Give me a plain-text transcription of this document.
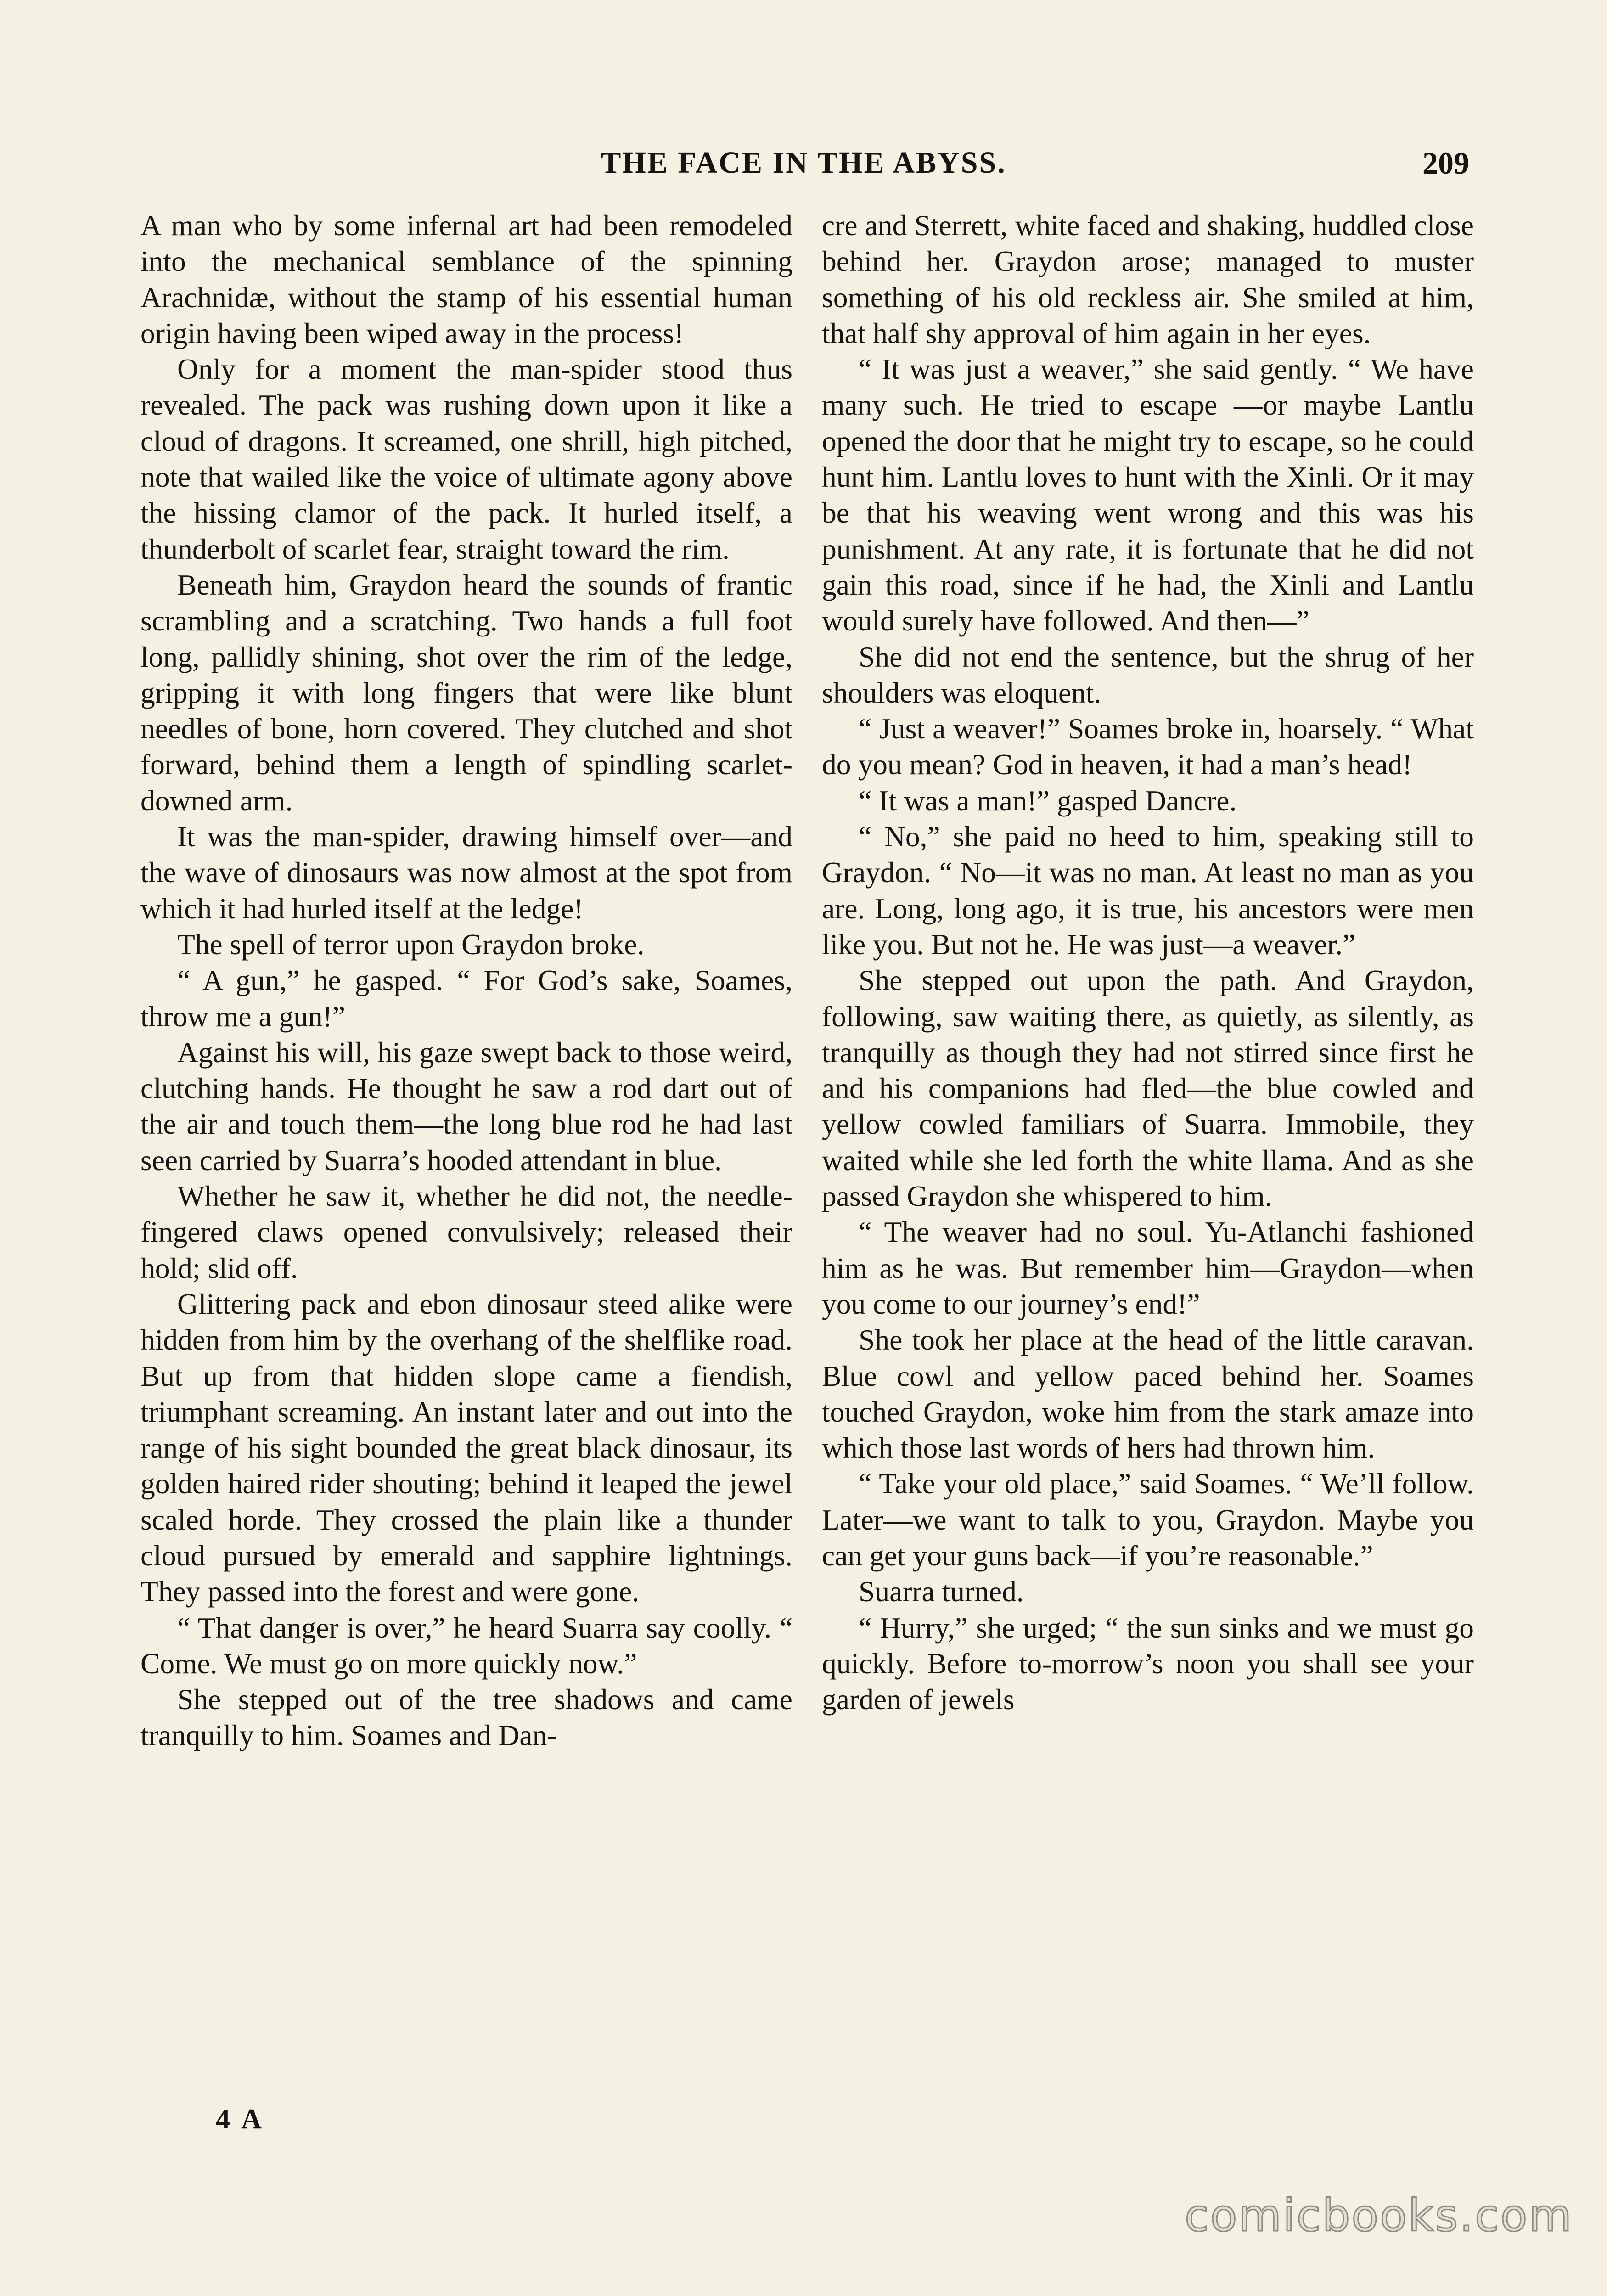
THE FACE IN THE ABYSS.	209

A man who by some infernal art had been remodeled into the mechanical semblance of the spinning Arachnidæ, without the stamp of his essential human origin having been wiped away in the process!

Only for a moment the man-spider stood thus revealed. The pack was rushing down upon it like a cloud of dragons. It screamed, one shrill, high pitched, note that wailed like the voice of ultimate agony above the hissing clamor of the pack. It hurled itself, a thunderbolt of scarlet fear, straight toward the rim.

Beneath him, Graydon heard the sounds of frantic scrambling and a scratching. Two hands a full foot long, pallidly shining, shot over the rim of the ledge, gripping it with long fingers that were like blunt needles of bone, horn covered. They clutched and shot forward, behind them a length of spindling scarlet-downed arm.

It was the man-spider, drawing himself over—and the wave of dinosaurs was now almost at the spot from which it had hurled itself at the ledge!

The spell of terror upon Graydon broke.

“ A gun,” he gasped. “ For God’s sake, Soames, throw me a gun!”

Against his will, his gaze swept back to those weird, clutching hands. He thought he saw a rod dart out of the air and touch them—the long blue rod he had last seen carried by Suarra’s hooded attendant in blue.

Whether he saw it, whether he did not, the needle-fingered claws opened convulsively; released their hold; slid off.

Glittering pack and ebon dinosaur steed alike were hidden from him by the overhang of the shelflike road. But up from that hidden slope came a fiendish, triumphant screaming. An instant later and out into the range of his sight bounded the great black dinosaur, its golden haired rider shouting; behind it leaped the jewel scaled horde. They crossed the plain like a thunder cloud pursued by emerald and sapphire lightnings. They passed into the forest and were gone.

“ That danger is over,” he heard Suarra say coolly. “ Come. We must go on more quickly now.”

She stepped out of the tree shadows and came tranquilly to him. Soames and Dan-

cre and Sterrett, white faced and shaking, huddled close behind her. Graydon arose; managed to muster something of his old reckless air. She smiled at him, that half shy approval of him again in her eyes.

“ It was just a weaver,” she said gently. “ We have many such. He tried to escape —or maybe Lantlu opened the door that he might try to escape, so he could hunt him. Lantlu loves to hunt with the Xinli. Or it may be that his weaving went wrong and this was his punishment. At any rate, it is fortunate that he did not gain this road, since if he had, the Xinli and Lantlu would surely have followed. And then—”

She did not end the sentence, but the shrug of her shoulders was eloquent.

“ Just a weaver!” Soames broke in, hoarsely. “ What do you mean? God in heaven, it had a man’s head!

“ It was a man!” gasped Dancre.

“ No,” she paid no heed to him, speaking still to Graydon. “ No—it was no man. At least no man as you are. Long, long ago, it is true, his ancestors were men like you. But not he. He was just—a weaver.”

She stepped out upon the path. And Graydon, following, saw waiting there, as quietly, as silently, as tranquilly as though they had not stirred since first he and his companions had fled—the blue cowled and yellow cowled familiars of Suarra. Immobile, they waited while she led forth the white llama. And as she passed Graydon she whispered to him.

“ The weaver had no soul. Yu-Atlanchi fashioned him as he was. But remember him—Graydon—when you come to our journey’s end!”

She took her place at the head of the little caravan. Blue cowl and yellow paced behind her. Soames touched Graydon, woke him from the stark amaze into which those last words of hers had thrown him.

“ Take your old place,” said Soames. “ We’ll follow. Later—we want to talk to you, Graydon. Maybe you can get your guns back—if you’re reasonable.”

Suarra turned.

“ Hurry,” she urged; “ the sun sinks and we must go quickly. Before to-morrow’s noon you shall see your garden of jewels

4 A
comicbooks.com
